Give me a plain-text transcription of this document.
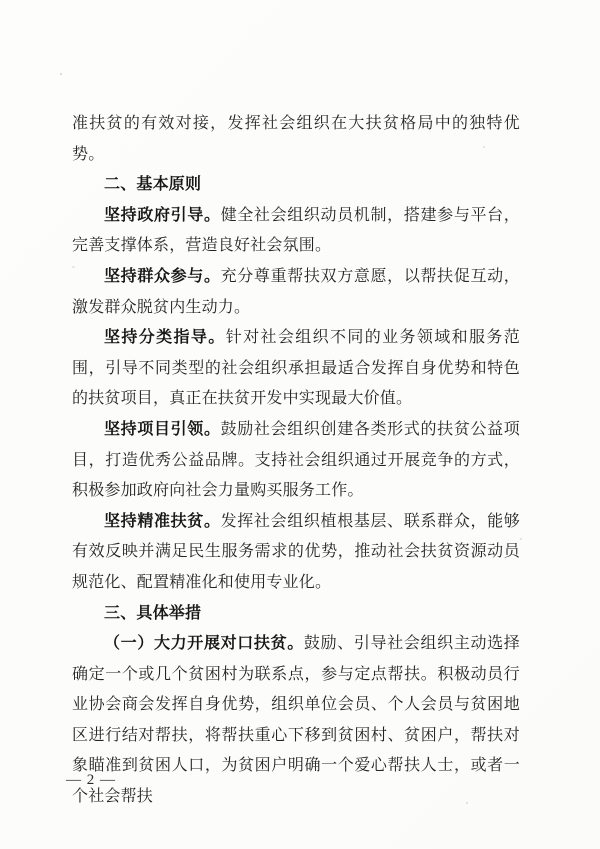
准扶贫的有效对接，发挥社会组织在大扶贫格局中的独特优势。
二、基本原则
坚持政府引导。健全社会组织动员机制，搭建参与平台，完善支撑体系，营造良好社会氛围。
坚持群众参与。充分尊重帮扶双方意愿，以帮扶促互动，激发群众脱贫内生动力。
坚持分类指导。针对社会组织不同的业务领域和服务范围，引导不同类型的社会组织承担最适合发挥自身优势和特色的扶贫项目，真正在扶贫开发中实现最大价值。
坚持项目引领。鼓励社会组织创建各类形式的扶贫公益项目，打造优秀公益品牌。支持社会组织通过开展竞争的方式，积极参加政府向社会力量购买服务工作。
坚持精准扶贫。发挥社会组织植根基层、联系群众，能够有效反映并满足民生服务需求的优势，推动社会扶贫资源动员规范化、配置精准化和使用专业化。
三、具体举措
（一）大力开展对口扶贫。鼓励、引导社会组织主动选择确定一个或几个贫困村为联系点，参与定点帮扶。积极动员行业协会商会发挥自身优势，组织单位会员、个人会员与贫困地区进行结对帮扶，将帮扶重心下移到贫困村、贫困户，帮扶对象瞄准到贫困人口，为贫困户明确一个爱心帮扶人士，或者一个社会帮扶
— 2 —
